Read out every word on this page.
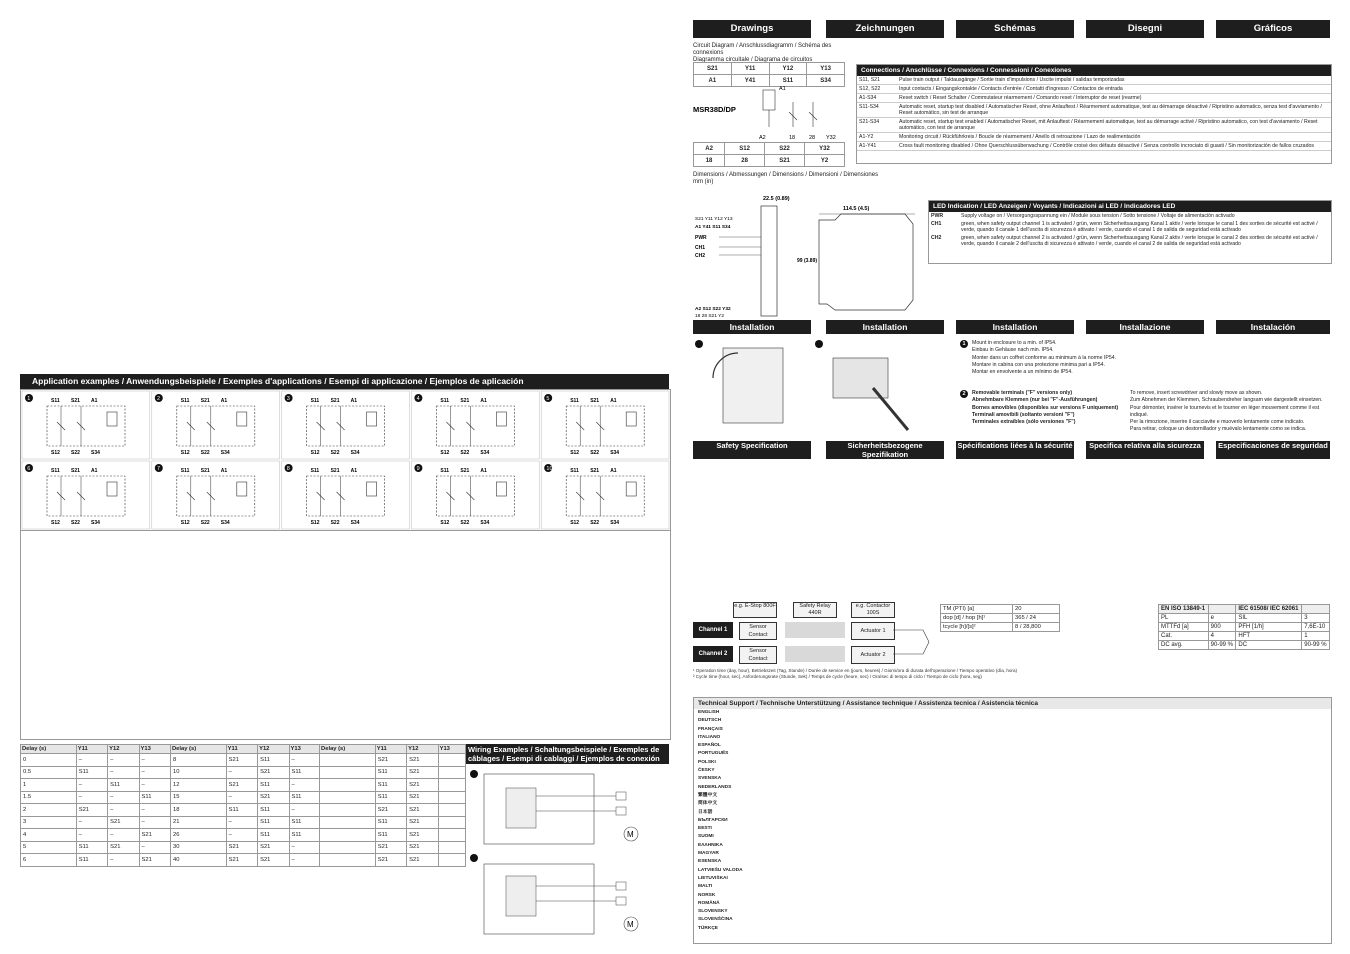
Application examples / Anwendungsbeispiele / Exemples d'applications / Esempi di applicazione / Ejemplos de aplicación
1	S11 S21 A1
S12 S22 S34
2	S11 S21 A1
S12 S22 S34
3	S11 S21 A1
S12 S22 S34
4	S11 S21 A1
S12 S22 S34
5	S11 S21 A1
S12 S22 S34
6	S11 S21 A1
S12 S22 S34
7	S11 S21 A1
S12 S22 S34
8	S11 S21 A1
S12 S22 S34
9	S11 S21 A1
S12 S22 S34
10	S11 S21 A1
S12 S22 S34
Delay (s)	Y11	Y12	Y13	Delay (s)	Y11	Y12	Y13	Delay (s)	Y11	Y12	Y13
0	–	–	–	8	S21	S11	–		S21	S21	
0.5	S11	–	–	10	–	S21	S11		S11	S21	
1	–	S11	–	12	S21	S11	–		S11	S21	
1.5	–	–	S11	15	–	S21	S11		S11	S21	
2	S21	–	–	18	S11	S11	–		S21	S21	
3	–	S21	–	21	–	S11	S11		S11	S21	
4	–	–	S21	26	–	S11	S11		S11	S21	
5	S11	S21	–	30	S21	S21	–		S21	S21	
6	S11	–	S21	40	S21	S21	–		S21	S21	
Wiring Examples / Schaltungsbeispiele / Exemples de câblages / Esempi di cablaggi / Ejemplos de conexión
M
M
Drawings	Zeichnungen	Schémas	Disegni	Gráficos
Circuit Diagram / Anschlussdiagramm / Schéma des connexions
Diagramma circuitale / Diagrama de circuitos
S21	Y11	Y12	Y13
A1	Y41	S11	S34
MSR38D/DP
A1
A2	18	28 Y32
A2	S12	S22	Y32
18	28	S21	Y2
Connections / Anschlüsse / Connexions / Connessioni / Conexiones
S11, S21	Pulse train output / Taktausgänge / Sortie train d'impulsions / Uscite impulsi / salidas temporizadas
S12, S22	Input contacts / Eingangskontakte / Contacts d'entrée / Contatti d'ingresso / Contactos de entrada
A1-S34	Reset switch / Reset Schalter / Commutateur réarmement / Comando reset / Interruptor de reset (rearme)
S11-S34	Automatic reset, startup test disabled / Automatischer Reset, ohne Anlauftest / Réarmement automatique, test au démarrage désactivé / Ripristino automatico, senza test d'avviamento / Reset automático, sin test de arranque
S21-S34	Automatic reset, startup test enabled / Automatischer Reset, mit Anlauftest / Réarmement automatique, test au démarrage activé / Ripristino automatico, con test d'avviamento / Reset automático, con test de arranque
A1-Y2	Monitoring circuit / Rückführkreis / Boucle de réarmement / Anello di retroazione / Lazo de realimentación
A1-Y41	Cross fault monitoring disabled / Ohne Querschlussüberwachung / Contrôle croisé des défauts désactivé / Senza controllo incrociato di guasti / Sin monitorización de fallos cruzados
Dimensions / Abmessungen / Dimensions / Dimensioni / Dimensiones
mm (in)
22.5 (0.89)
S21 Y11 Y12 Y13
A1 Y41 S11 S34
PWR
CH1
CH2
A2 S12 S22 Y32
18 28 S21 Y2
114.5 (4.5)
99 (3.89)
LED Indication / LED Anzeigen / Voyants / Indicazioni ai LED / Indicadores LED
PWR	Supply voltage on / Versorgungsspannung ein / Module sous tension / Sotto tensione / Voltaje de alimentación activado
CH1	green, when safety output channel 1 is activated / grün, wenn Sicherheitsausgang Kanal 1 aktiv / verte lorsque le canal 1 des sorties de sécurité est activé / verde, quando il canale 1 dell'uscita di sicurezza è attivato / verde, cuando el canal 1 de salida de seguridad está activado
CH2	green, when safety output channel 2 is activated / grün, wenn Sicherheitsausgang Kanal 2 aktiv / verte lorsque le canal 2 des sorties de sécurité est activé / verde, quando il canale 2 dell'uscita di sicurezza è attivato / verde, cuando el canal 2 de salida de seguridad está activado
Installation	Installation	Installation	Installazione	Instalación
1	Mount in enclosure to a min. of IP54.
Einbau in Gehäuse nach min. IP54.
Monter dans un coffret conforme au minimum à la norme IP54.
Montare in cabina con una protezione minima pari a IP54.
Montar en envolvente a un mínimo de IP54.
2	Removable terminals ("F" versions only)
Abnehmbare Klemmen (nur bei "F"-Ausführungen)
Bornes amovibles (disponibles sur versions F uniquement)
Terminali amovibili (soltanto versioni "F")
Terminales extraíbles (sólo versiones "F")
To remove, insert screwdriver and slowly move as shown.
Zum Abnehmen der Klemmen, Schraubendreher langsam wie dargestellt einsetzen.
Pour démonter, insérer le tournevis et le tourner en léger mouvement comme il est indiqué.
Per la rimozione, inserire il cacciavite e muoverlo lentamente come indicato.
Para retirar, coloque un destornillador y muévalo lentamente como se indica.
Safety Specification	Sicherheitsbezogene Spezifikation
Spécifications liées à la sécurité	Specifica relativa alla sicurezza	Especificaciones de seguridad
e.g. E-Stop 800F	Safety Relay 440R
e.g. Contactor 100S
Channel 1	Sensor Contact
Actuator 1
Channel 2	Sensor Contact
Actuator 2
TM (PTI) [a]	20
dop [d] / hop [h]¹	365 / 24
tcycle [h]/[s]²	8 / 28,800
¹ Operation time (day, hour), Betriebszeit (Tag, Stunde) / Durée de service en (jours, heures) / Giorni/ora di durata dell'operazione / Tiempo operativo (día, hora)
² Cycle time (hour, sec), Anforderungsrate (Stunde, Sek) / Temps de cycle (heure, sec) / Ora/sec di tempo di ciclo / Tiempo de ciclo (hora, seg)
EN ISO 13849-1		IEC 61508/ IEC 62061	
PL	e	SIL	3
MTTFd [a]	900	PFH [1/h]	7,6E-10
Cat.	4	HFT	1
DC avg.	90-99 %	DC	90-99 %
Technical Support / Technische Unterstützung / Assistance technique / Assistenza tecnica / Asistencia técnica
ENGLISH
DEUTSCH
FRANÇAIS
ITALIANO
ESPAÑOL
PORTUGUÊS
POLSKI
ČESKY
SVENSKA
NEDERLANDS
繁體中文
简体中文
日本語
БЪЛГАРСКИ
EESTI
SUOMI
ΕΛΛΗΝΙΚΑ
MAGYAR
ESENSKA
LATVIEŠU VALODA
LIETUVIŠKAI
MALTI
NORSK
ROMÂNĂ
SLOVENSKY
SLOVENŠČINA
TÜRKÇE
